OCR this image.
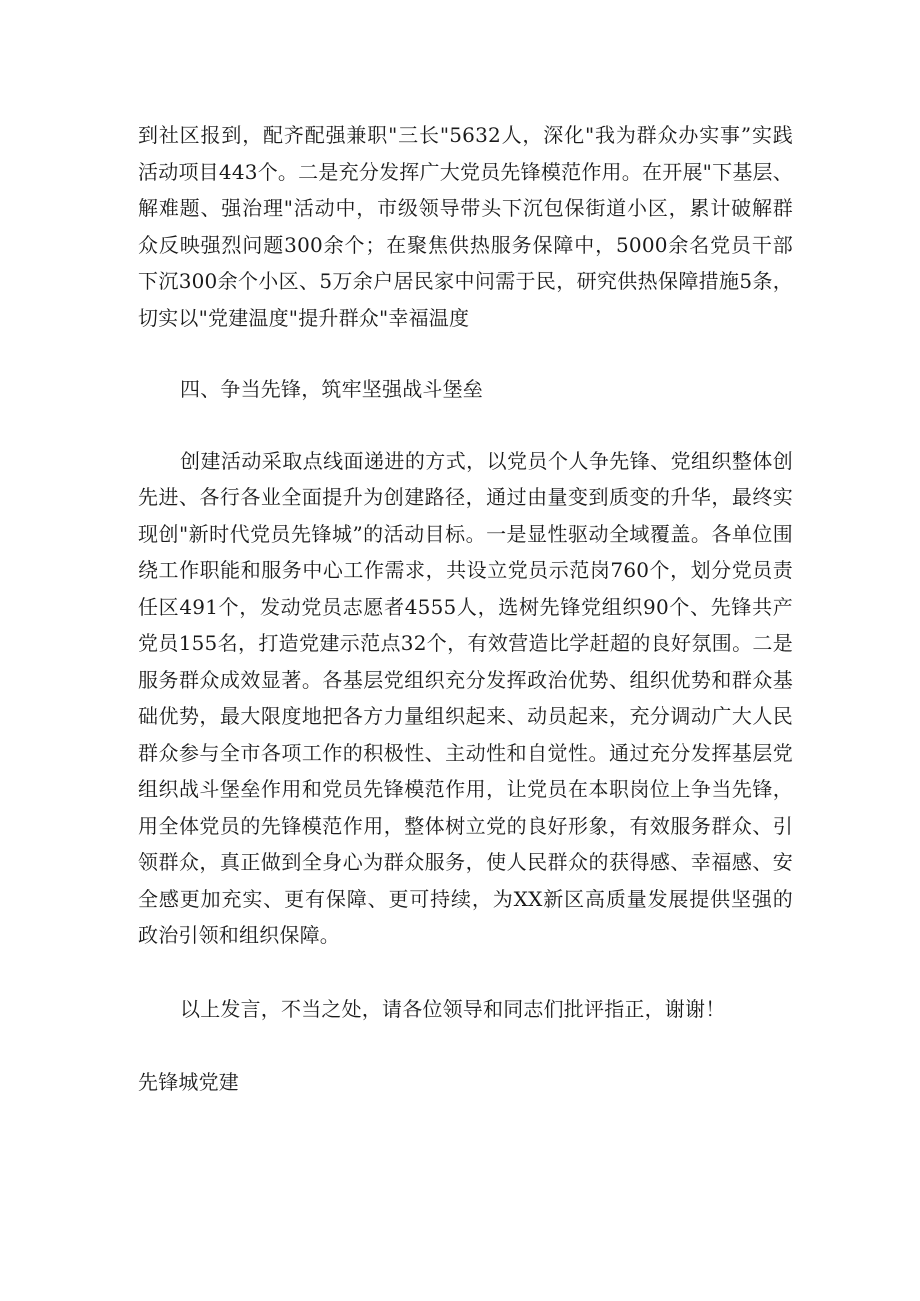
到社区报到，配齐配强兼职"三长"5632人，深化"我为群众办实事”实践活动项目443个。二是充分发挥广大党员先锋模范作用。在开展"下基层、解难题、强治理"活动中，市级领导带头下沉包保街道小区，累计破解群众反映强烈问题300余个；在聚焦供热服务保障中，5000余名党员干部下沉300余个小区、5万余户居民家中问需于民，研究供热保障措施5条，切实以"党建温度"提升群众"幸福温度

四、争当先锋，筑牢坚强战斗堡垒

创建活动采取点线面递进的方式，以党员个人争先锋、党组织整体创先进、各行各业全面提升为创建路径，通过由量变到质变的升华，最终实现创"新时代党员先锋城”的活动目标。一是显性驱动全域覆盖。各单位围绕工作职能和服务中心工作需求，共设立党员示范岗760个，划分党员责任区491个，发动党员志愿者4555人，选树先锋党组织90个、先锋共产党员155名，打造党建示范点32个，有效营造比学赶超的良好氛围。二是服务群众成效显著。各基层党组织充分发挥政治优势、组织优势和群众基础优势，最大限度地把各方力量组织起来、动员起来，充分调动广大人民群众参与全市各项工作的积极性、主动性和自觉性。通过充分发挥基层党组织战斗堡垒作用和党员先锋模范作用，让党员在本职岗位上争当先锋，用全体党员的先锋模范作用，整体树立党的良好形象，有效服务群众、引领群众，真正做到全身心为群众服务，使人民群众的获得感、幸福感、安全感更加充实、更有保障、更可持续，为XX新区高质量发展提供坚强的政治引领和组织保障。

以上发言，不当之处，请各位领导和同志们批评指正，谢谢！

先锋城党建
